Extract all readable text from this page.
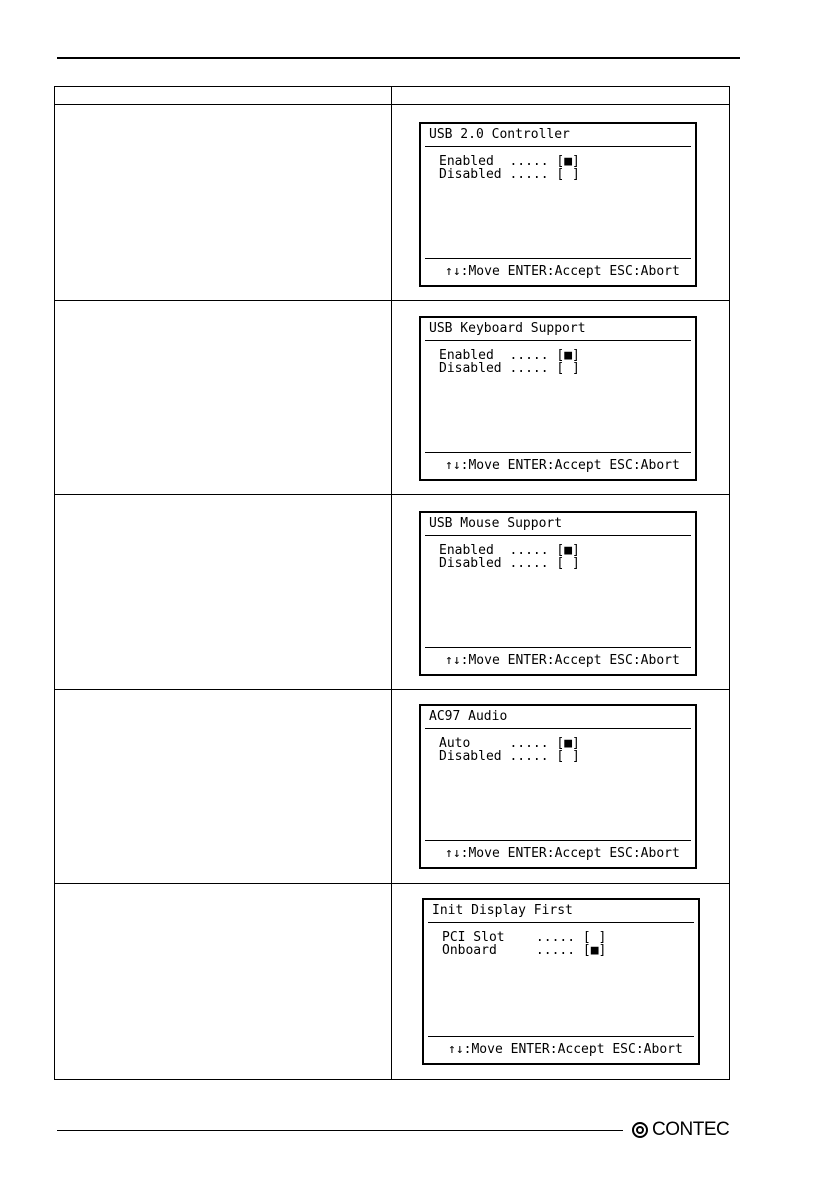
USB 2.0 Controller
Enabled  ..... [■]
Disabled ..... [ ]
↑↓:Move ENTER:Accept ESC:Abort
USB Keyboard Support
Enabled  ..... [■]
Disabled ..... [ ]
↑↓:Move ENTER:Accept ESC:Abort
USB Mouse Support
Enabled  ..... [■]
Disabled ..... [ ]
↑↓:Move ENTER:Accept ESC:Abort
AC97 Audio
Auto     ..... [■]
Disabled ..... [ ]
↑↓:Move ENTER:Accept ESC:Abort
Init Display First
PCI Slot    ..... [ ]
Onboard     ..... [■]
↑↓:Move ENTER:Accept ESC:Abort
CONTEC
